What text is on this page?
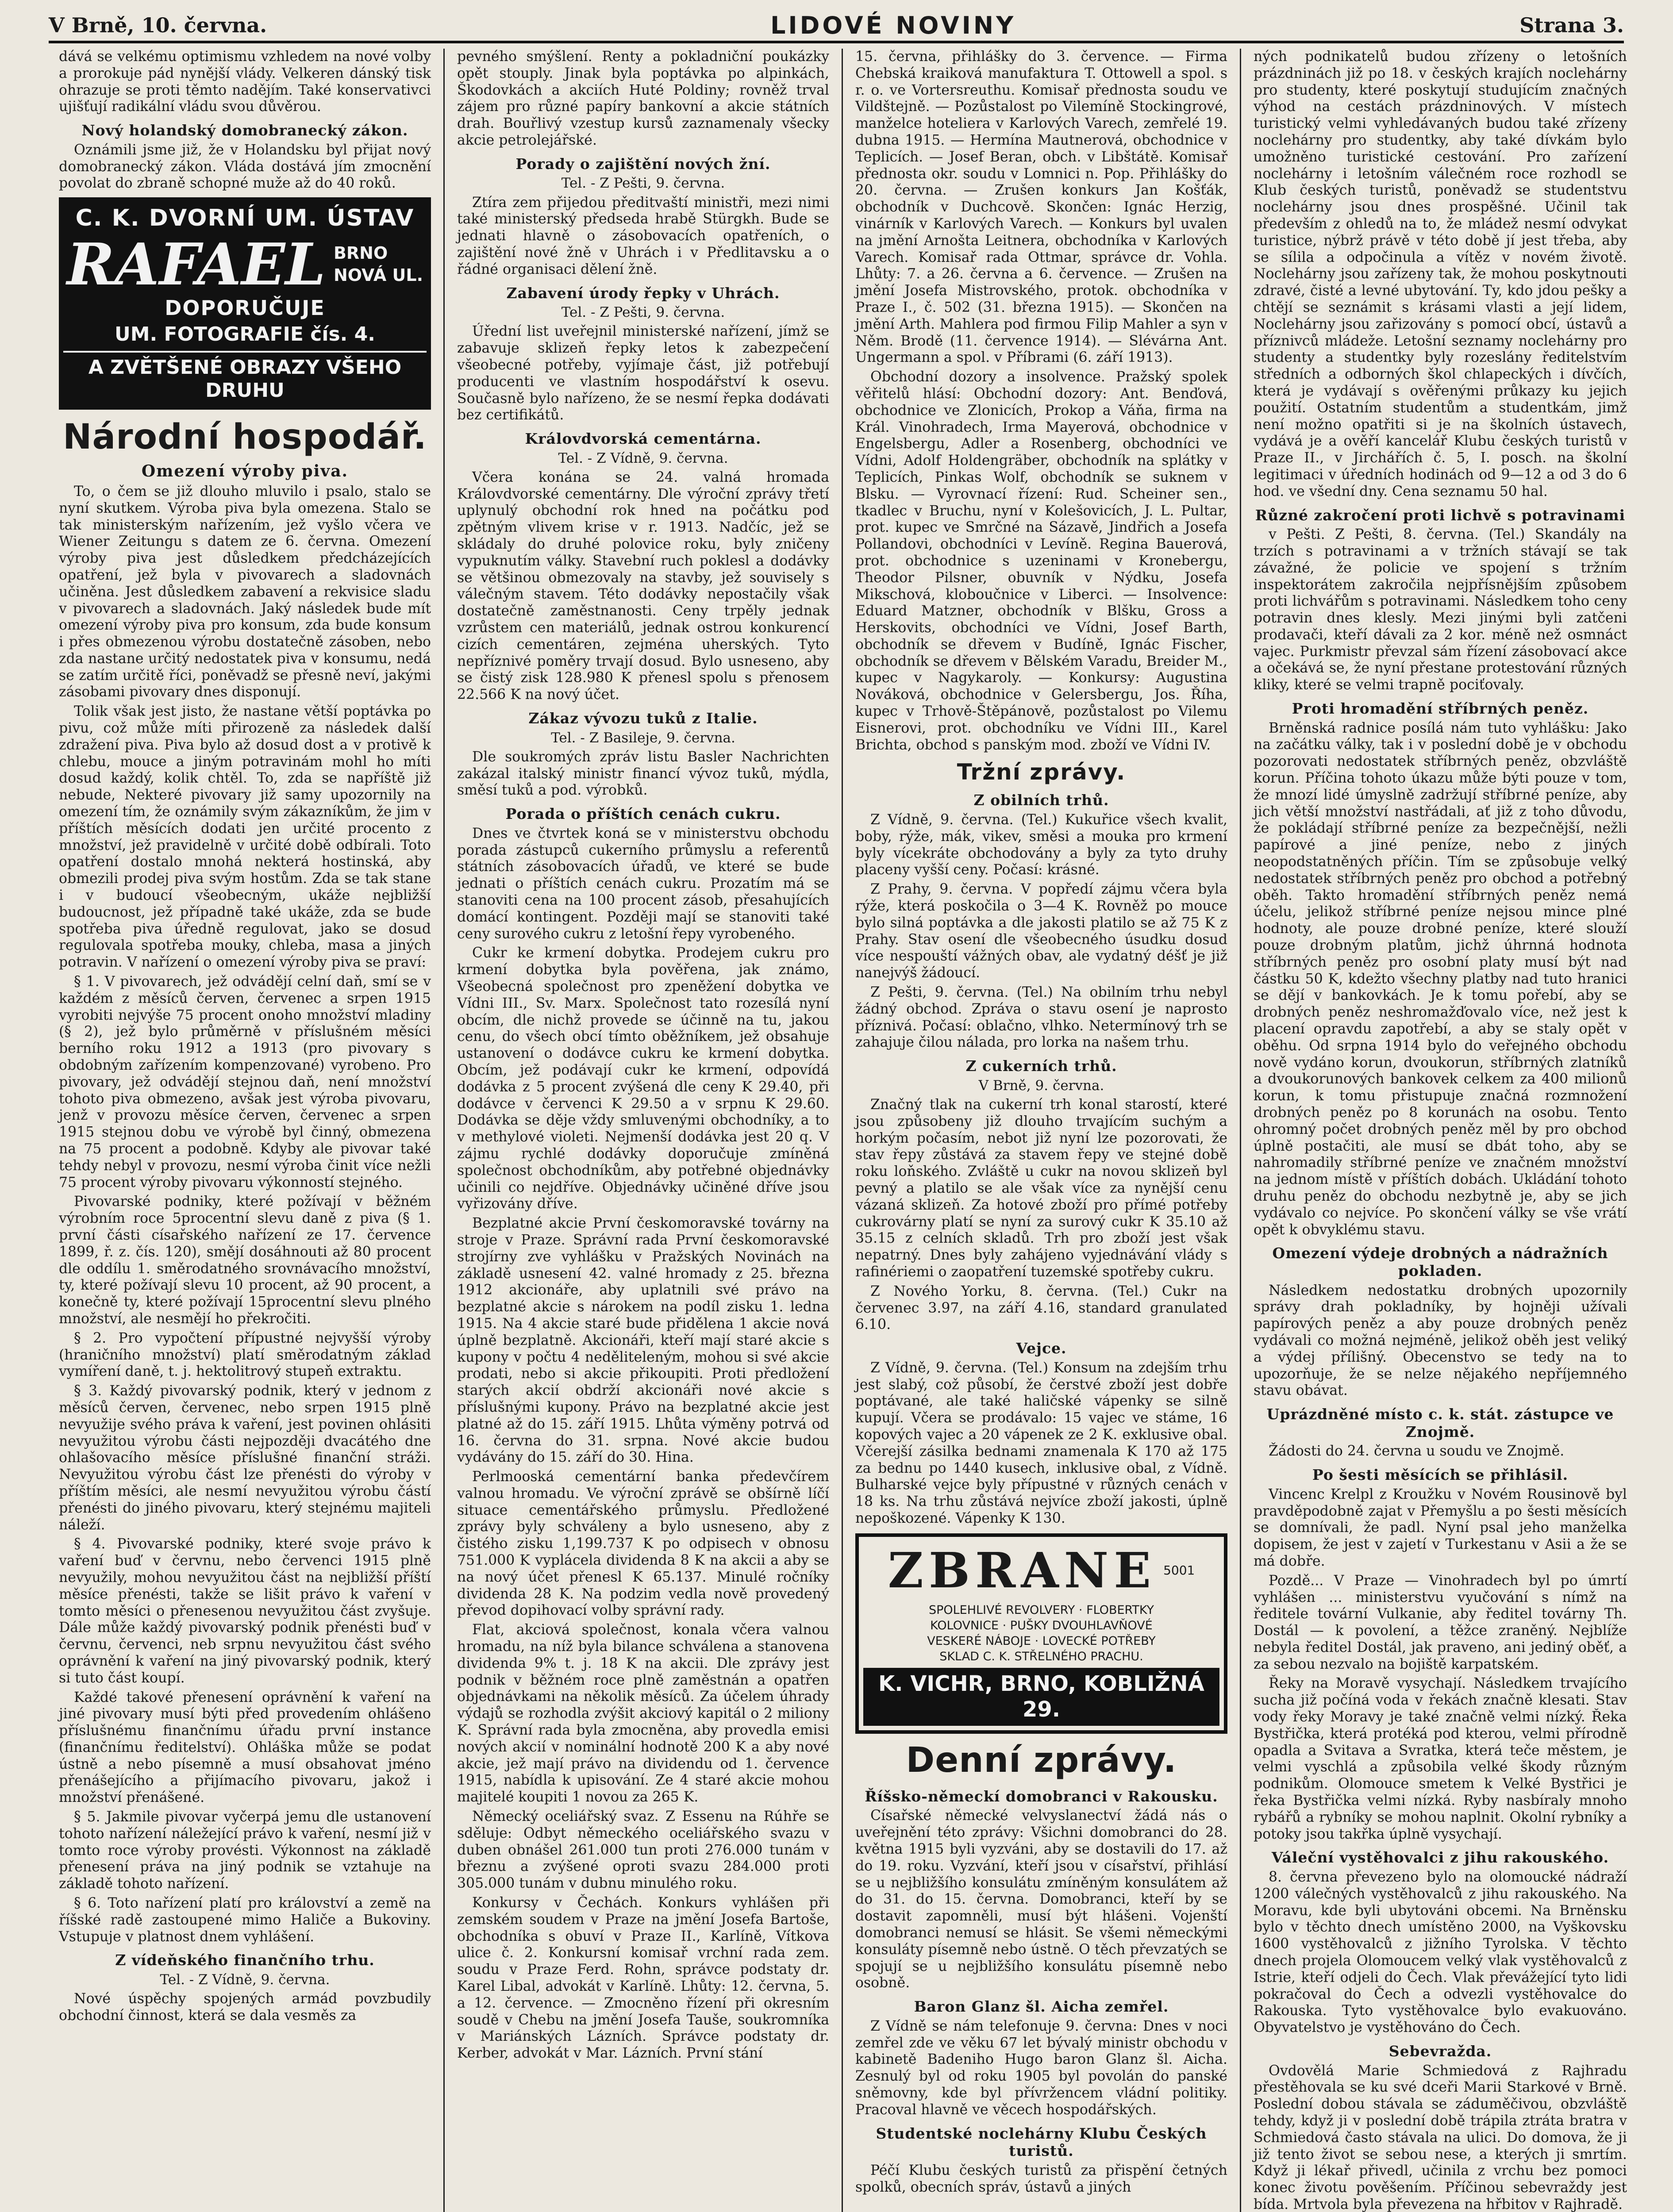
V Brně, 10. června.	LIDOVÉ NOVINY	Strana 3.

dává se velkému optimismu vzhledem na nové volby a prorokuje pád nynější vlády. Velkeren dánský tisk ohrazuje se proti těmto nadějím. Také konservativci ujišťují radikální vládu svou důvěrou.

Nový holandský domobranecký zákon.

Oznámili jsme již, že v Holandsku byl přijat nový domobranecký zákon. Vláda dostává jím zmocnění povolat do zbraně schopné muže až do 40 roků.

C. K. DVORNÍ UM. ÚSTAV
RAFAEL BRNO
NOVÁ UL.
DOPORUČUJE
UM. FOTOGRAFIE čís. 4.
A ZVĚTŠENÉ OBRAZY VŠEHO DRUHU
Národní hospodář.
Omezení výroby piva.

To, o čem se již dlouho mluvilo i psalo, stalo se nyní skutkem. Výroba piva byla omezena. Stalo se tak ministerským nařízením, jež vyšlo včera ve Wiener Zeitungu s datem ze 6. června. Omezení výroby piva jest důsledkem předcházejících opatření, jež byla v pivovarech a sladovnách učiněna. Jest důsledkem zabavení a rekvisice sladu v pivovarech a sladovnách. Jaký následek bude mít omezení výroby piva pro konsum, zda bude konsum i přes obmezenou výrobu dostatečně zásoben, nebo zda nastane určitý nedostatek piva v konsumu, nedá se zatím určitě říci, poněvadž se přesně neví, jakými zásobami pivovary dnes disponují.

Tolik však jest jisto, že nastane větší poptávka po pivu, což může míti přirozeně za následek další zdražení piva. Piva bylo až dosud dost a v protivě k chlebu, mouce a jiným potravinám mohl ho míti dosud každý, kolik chtěl. To, zda se napříště již nebude, Nekteré pivovary již samy upozornily na omezení tím, že oznámily svým zákazníkům, že jim v příštích měsících dodati jen určité procento z množství, jež pravidelně v určité době odbírali. Toto opatření dostalo mnohá nekterá hostinská, aby obmezili prodej piva svým hostům. Zda se tak stane i v budoucí všeobecným, ukáže nejbližší budoucnost, jež případně také ukáže, zda se bude spotřeba piva úředně regulovat, jako se dosud regulovala spotřeba mouky, chleba, masa a jiných potravin. V nařízení o omezení výroby piva se praví:

§ 1. V pivovarech, jež odvádějí celní daň, smí se v každém z měsíců červen, červenec a srpen 1915 vyrobiti nejvýše 75 procent onoho množství mladiny (§ 2), jež bylo průměrně v příslušném měsíci berního roku 1912 a 1913 (pro pivovary s obdobným zařízením kompenzované) vyrobeno. Pro pivovary, jež odvádějí stejnou daň, není množství tohoto piva obmezeno, avšak jest výroba pivovaru, jenž v provozu měsíce červen, červenec a srpen 1915 stejnou dobu ve výrobě byl činný, obmezena na 75 procent a podobně. Kdyby ale pivovar také tehdy nebyl v provozu, nesmí výroba činit více nežli 75 procent výroby pivovaru výkonností stejného.

Pivovarské podniky, které požívají v běžném výrobním roce 5procentní slevu daně z piva (§ 1. první části císařského nařízení ze 17. července 1899, ř. z. čís. 120), smějí dosáhnouti až 80 procent dle oddílu 1. směrodatného srovnávacího množství, ty, které požívají slevu 10 procent, až 90 procent, a konečně ty, které požívají 15procentní slevu plného množství, ale nesmějí ho překročiti.

§ 2. Pro vypočtení přípustné nejvyšší výroby (hraničního množství) platí směrodatným základ vymíření daně, t. j. hektolitrový stupeň extraktu.

§ 3. Každý pivovarský podnik, který v jednom z měsíců červen, červenec, nebo srpen 1915 plně nevyužije svého práva k vaření, jest povinen ohlásiti nevyužitou výrobu části nejpozději dvacátého dne ohlašovacího měsíce příslušné finanční stráži. Nevyužitou výrobu část lze přenésti do výroby v příštím měsíci, ale nesmí nevyužitou výrobu částí přenésti do jiného pivovaru, který stejnému majiteli náleží.

§ 4. Pivovarské podniky, které svoje právo k vaření buď v červnu, nebo červenci 1915 plně nevyužily, mohou nevyužitou část na nejbližší příští měsíce přenésti, takže se lišit právo k vaření v tomto měsíci o přenesenou nevyužitou část zvyšuje. Dále může každý pivovarský podnik přenésti buď v červnu, červenci, neb srpnu nevyužitou část svého oprávnění k vaření na jiný pivovarský podnik, který si tuto část koupí.

Každé takové přenesení oprávnění k vaření na jiné pivovary musí býti před provedením ohlášeno příslušnému finančnímu úřadu první instance (finančnímu ředitelství). Ohláška může se podat ústně a nebo písemně a musí obsahovat jméno přenášejícího a přijímacího pivovaru, jakož i množství přenášené.

§ 5. Jakmile pivovar vyčerpá jemu dle ustanovení tohoto nařízení náležející právo k vaření, nesmí již v tomto roce výroby provésti. Výkonnost na základě přenesení práva na jiný podnik se vztahuje na základě tohoto nařízení.

§ 6. Toto nařízení platí pro království a země na říšské radě zastoupené mimo Haliče a Bukoviny. Vstupuje v platnost dnem vyhlášení.

Z vídeňského finančního trhu.
Tel. - Z Vídně, 9. června.

Nové úspěchy spojených armád povzbudily obchodní činnost, která se dala vesměs za

pevného smýšlení. Renty a pokladniční poukázky opět stouply. Jinak byla poptávka po alpinkách, Škodovkách a akciích Huté Poldiny; rovněž trval zájem pro různé papíry bankovní a akcie státních drah. Bouřlivý vzestup kursů zaznamenaly všecky akcie petrolejářské.

Porady o zajištění nových žní.
Tel. - Z Pešti, 9. června.

Ztíra zem přijedou předitvaští ministři, mezi nimi také ministerský předseda hrabě Stürgkh. Bude se jednati hlavně o zásobovacích opatřeních, o zajištění nové žně v Uhrách i v Předlitavsku a o řádné organisaci dělení žně.

Zabavení úrody řepky v Uhrách.
Tel. - Z Pešti, 9. června.

Úřední list uveřejnil ministerské nařízení, jímž se zabavuje sklizeň řepky letos k zabezpečení všeobecné potřeby, vyjímaje část, již potřebují producenti ve vlastním hospodářství k osevu. Současně bylo nařízeno, že se nesmí řepka dodávati bez certifikátů.

Královdvorská cementárna.
Tel. - Z Vídně, 9. června.

Včera konána se 24. valná hromada Královdvorské cementárny. Dle výroční zprávy třetí uplynulý obchodní rok hned na počátku pod zpětným vlivem krise v r. 1913. Nadčíc, jež se skládaly do druhé polovice roku, byly zničeny vypuknutím války. Stavební ruch poklesl a dodávky se většinou obmezovaly na stavby, jež souvisely s válečným stavem. Této dodávky nepostačily však dostatečně zaměstnanosti. Ceny trpěly jednak vzrůstem cen materiálů, jednak ostrou konkurencí cizích cementáren, zejména uherských. Tyto nepříznivé poměry trvají dosud. Bylo usneseno, aby se čistý zisk 128.980 K přenesl spolu s přenosem 22.566 K na nový účet.

Zákaz vývozu tuků z Italie.
Tel. - Z Basileje, 9. června.

Dle soukromých zpráv listu Basler Nachrichten zakázal italský ministr financí vývoz tuků, mýdla, směsí tuků a pod. výrobků.

Porada o příštích cenách cukru.

Dnes ve čtvrtek koná se v ministerstvu obchodu porada zástupců cukerního průmyslu a referentů státních zásobovacích úřadů, ve které se bude jednati o příštích cenách cukru. Prozatím má se stanoviti cena na 100 procent zásob, přesahujících domácí kontingent. Později mají se stanoviti také ceny surového cukru z letošní řepy vyrobeného.

Cukr ke krmení dobytka. Prodejem cukru pro krmení dobytka byla pověřena, jak známo, Všeobecná společnost pro zpeněžení dobytka ve Vídni III., Sv. Marx. Společnost tato rozesílá nyní obcím, dle nichž provede se účinně na tu, jakou cenu, do všech obcí tímto oběžníkem, jež obsahuje ustanovení o dodávce cukru ke krmení dobytka. Obcím, jež podávají cukr ke krmení, odpovídá dodávka z 5 procent zvýšená dle ceny K 29.40, při dodávce v červenci K 29.50 a v srpnu K 29.60. Dodávka se děje vždy smluvenými obchodníky, a to v methylové violeti. Nejmenší dodávka jest 20 q. V zájmu rychlé dodávky doporučuje zmíněná společnost obchodníkům, aby potřebné objednávky učinili co nejdříve. Objednávky učiněné dříve jsou vyřizovány dříve.

Bezplatné akcie První českomoravské továrny na stroje v Praze. Správní rada První českomoravské strojírny zve vyhlášku v Pražských Novinách na základě usnesení 42. valné hromady z 25. března 1912 akcionáře, aby uplatnili své právo na bezplatné akcie s nárokem na podíl zisku 1. ledna 1915. Na 4 akcie staré bude přidělena 1 akcie nová úplně bezplatně. Akcionáři, kteří mají staré akcie s kupony v počtu 4 neděliteleným, mohou si své akcie prodati, nebo si akcie přikoupiti. Proti předložení starých akcií obdrží akcionáři nové akcie s příslušnými kupony. Právo na bezplatné akcie jest platné až do 15. září 1915. Lhůta výměny potrvá od 16. června do 31. srpna. Nové akcie budou vydávány do 15. září do 30. Hina.

Perlmooská cementární banka předevčírem valnou hromadu. Ve výroční zprávě se obšírně líčí situace cementářského průmyslu. Předložené zprávy byly schváleny a bylo usneseno, aby z čistého zisku 1,199.737 K po odpisech v obnosu 751.000 K vyplácela dividenda 8 K na akcii a aby se na nový účet přenesl K 65.137. Minulé ročníky dividenda 28 K. Na podzim vedla nově provedený převod dopihovací volby správní rady.

Flat, akciová společnost, konala včera valnou hromadu, na níž byla bilance schválena a stanovena dividenda 9% t. j. 18 K na akcii. Dle zprávy jest podnik v běžném roce plně zaměstnán a opatřen objednávkami na několik měsíců. Za účelem úhrady výdajů se rozhodla zvýšit akciový kapitál o 2 miliony K. Správní rada byla zmocněna, aby provedla emisi nových akcií v nominální hodnotě 200 K a aby nové akcie, jež mají právo na dividendu od 1. července 1915, nabídla k upisování. Ze 4 staré akcie mohou majitelé koupiti 1 novou za 265 K.

Německý oceliářský svaz. Z Essenu na Rúhře se sděluje: Odbyt německého oceliářského svazu v duben obnášel 261.000 tun proti 276.000 tunám v březnu a zvýšené oproti svazu 284.000 proti 305.000 tunám v dubnu minulého roku.

Konkursy v Čechách. Konkurs vyhlášen při zemském soudem v Praze na jmění Josefa Bartoše, obchodníka s obuví v Praze II., Karlíně, Vítkova ulice č. 2. Konkursní komisař vrchní rada zem. soudu v Praze Ferd. Rohn, správce podstaty dr. Karel Libal, advokát v Karlíně. Lhůty: 12. června, 5. a 12. července. — Zmocněno řízení při okresním soudě v Chebu na jmění Josefa Tauše, soukromníka v Mariánských Lázních. Správce podstaty dr. Kerber, advokát v Mar. Lázních. První stání

15. června, přihlášky do 3. července. — Firma Chebská kraiková manufaktura T. Ottowell a spol. s r. o. ve Vortersreuthu. Komisař přednosta soudu ve Vildštejně. — Pozůstalost po Vilemíně Stockingrové, manželce hoteliera v Karlových Varech, zemřelé 19. dubna 1915. — Hermína Mautnerová, obchodnice v Teplicích. — Josef Beran, obch. v Libštátě. Komisař přednosta okr. soudu v Lomnici n. Pop. Přihlášky do 20. června. — Zrušen konkurs Jan Košťák, obchodník v Duchcově. Skončen: Ignác Herzig, vinárník v Karlových Varech. — Konkurs byl uvalen na jmění Arnošta Leitnera, obchodníka v Karlových Varech. Komisař rada Ottmar, správce dr. Vohla. Lhůty: 7. a 26. června a 6. července. — Zrušen na jmění Josefa Mistrovského, protok. obchodníka v Praze I., č. 502 (31. března 1915). — Skončen na jmění Arth. Mahlera pod firmou Filip Mahler a syn v Něm. Brodě (11. července 1914). — Slévárna Ant. Ungermann a spol. v Příbrami (6. září 1913).

Obchodní dozory a insolvence. Pražský spolek věřitelů hlásí: Obchodní dozory: Ant. Benďová, obchodnice ve Zlonicích, Prokop a Váňa, firma na Král. Vinohradech, Irma Mayerová, obchodnice v Engelsbergu, Adler a Rosenberg, obchodníci ve Vídni, Adolf Holdengräber, obchodník na splátky v Teplicích, Pinkas Wolf, obchodník se suknem v Blsku. — Vyrovnací řízení: Rud. Scheiner sen., tkadlec v Bruchu, nyní v Kolešovicích, J. L. Pultar, prot. kupec ve Smrčné na Sázavě, Jindřich a Josefa Pollandovi, obchodníci v Levíně. Regina Bauerová, prot. obchodnice s uzeninami v Kronebergu, Theodor Pilsner, obuvník v Nýdku, Josefa Mikschová, kloboučnice v Liberci. — Insolvence: Eduard Matzner, obchodník v Blšku, Gross a Herskovits, obchodníci ve Vídni, Josef Barth, obchodník se dřevem v Budíně, Ignác Fischer, obchodník se dřevem v Bělském Varadu, Breider M., kupec v Nagykaroly. — Konkursy: Augustina Nováková, obchodnice v Gelersbergu, Jos. Říha, kupec v Trhově-Štěpánově, pozůstalost po Vilemu Eisnerovi, prot. obchodníku ve Vídni III., Karel Brichta, obchod s panským mod. zboží ve Vídni IV.

Tržní zprávy.
Z obilních trhů.

Z Vídně, 9. června. (Tel.) Kukuřice všech kvalit, boby, rýže, mák, vikev, směsi a mouka pro krmení byly vícekráte obchodovány a byly za tyto druhy placeny vyšší ceny. Počasí: krásné.

Z Prahy, 9. června. V popředí zájmu včera byla rýže, která poskočila o 3—4 K. Rovněž po mouce bylo silná poptávka a dle jakosti platilo se až 75 K z Prahy. Stav osení dle všeobecného úsudku dosud více nespouští vážných obav, ale vydatný déšť je již nanejvýš žádoucí.

Z Pešti, 9. června. (Tel.) Na obilním trhu nebyl žádný obchod. Zpráva o stavu osení je naprosto příznivá. Počasí: oblačno, vlhko. Netermínový trh se zahajuje čilou nálada, pro lorka na našem trhu.

Z cukerních trhů.
V Brně, 9. června.

Značný tlak na cukerní trh konal starostí, které jsou způsobeny již dlouho trvajícím suchým a horkým počasím, nebot již nyní lze pozorovati, že stav řepy zůstává za stavem řepy ve stejné době roku loňského. Zvláště u cukr na novou sklizeň byl pevný a platilo se ale však více za nynější cenu vázaná sklizeň. Za hotové zboží pro přímé potřeby cukrovárny platí se nyní za surový cukr K 35.10 až 35.15 z celních skladů. Trh pro zboží jest však nepatrný. Dnes byly zahájeno vyjednávání vlády s rafinériemi o zaopatření tuzemské spotřeby cukru.

Z Nového Yorku, 8. června. (Tel.) Cukr na červenec 3.97, na září 4.16, standard granulated 6.10.

Vejce.

Z Vídně, 9. června. (Tel.) Konsum na zdejším trhu jest slabý, což působí, že čerstvé zboží jest dobře poptávané, ale také haličské vápenky se silně kupují. Včera se prodávalo: 15 vajec ve stáme, 16 kopových vajec a 20 vápenek ze 2 K. exklusive obal. Včerejší zásilka bednami znamenala K 170 až 175 za bednu po 1440 kusech, inklusive obal, z Vídně. Bulharské vejce byly přípustné v různých cenách v 18 ks. Na trhu zůstává nejvíce zboží jakosti, úplně nepoškozené. Vápenky K 130.

ZBRANE 5001
SPOLEHLIVÉ REVOLVERY · FLOBERTKY
KOLOVNICE · PUŠKY DVOUHLAVŇOVÉ
VESKERÉ NÁBOJE · LOVECKÉ POTŘEBY
SKLAD C. K. STŘELNÉHO PRACHU.
K. VICHR, BRNO, KOBLIŽNÁ 29.
Denní zprávy.
Říšsko-německí domobranci v Rakousku.

Císařské německé velvyslanectví žádá nás o uveřejnění této zprávy: Všichni domobranci do 28. května 1915 byli vyzváni, aby se dostavili do 17. až do 19. roku. Vyzvání, kteří jsou v císařství, přihlásí se u nejbližšího konsulátu zmíněným konsulátem až do 31. do 15. června. Domobranci, kteří by se dostavit zapomněli, musí být hlášeni. Vojenští domobranci nemusí se hlásit. Se všemi německými konsuláty písemně nebo ústně. O těch převzatých se spojují se u nejbližšího konsulátu písemně nebo osobně.

Baron Glanz šl. Aicha zemřel.

Z Vídně se nám telefonuje 9. června: Dnes v noci zemřel zde ve věku 67 let bývalý ministr obchodu v kabinetě Badeniho Hugo baron Glanz šl. Aicha. Zesnulý byl od roku 1905 byl povolán do panské sněmovny, kde byl přívržencem vládní politiky. Pracoval hlavně ve věcech hospodářských.

Studentské noclehárny Klubu Českých turistů.

Péčí Klubu českých turistů za přispění četných spolků, obecních správ, ústavů a jiných

ných podnikatelů budou zřízeny o letošních prázdninách již po 18. v českých krajích noclehárny pro studenty, které poskytují studujícím značných výhod na cestách prázdninových. V místech turistický velmi vyhledávaných budou také zřízeny noclehárny pro studentky, aby také dívkám bylo umožněno turistické cestování. Pro zařízení noclehárny i letošním válečném roce rozhodl se Klub českých turistů, poněvadž se studentstvu noclehárny jsou dnes prospěšné. Učinil tak především z ohledů na to, že mládež nesmí odvykat turistice, nýbrž právě v této době jí jest třeba, aby se sílila a odpočinula a vítěz v novém životě. Noclehárny jsou zařízeny tak, že mohou poskytnouti zdravé, čisté a levné ubytování. Ty, kdo jdou pešky a chtějí se seznámit s krásami vlasti a její lidem, Noclehárny jsou zařizovány s pomocí obcí, ústavů a příznivců mládeže. Letošní seznamy noclehárny pro studenty a studentky byly rozeslány ředitelstvím středních a odborných škol chlapeckých i dívčích, která je vydávají s ověřenými průkazy ku jejich použití. Ostatním studentům a studentkám, jimž není možno opatřiti si je na školních ústavech, vydává je a ověří kancelář Klubu českých turistů v Praze II., v Jirchářích č. 5, I. posch. na školní legitimaci v úředních hodinách od 9—12 a od 3 do 6 hod. ve všední dny. Cena seznamu 50 hal.

Různé zakročení proti lichvě s potravinami

v Pešti. Z Pešti, 8. června. (Tel.) Skandály na trzích s potravinami a v tržních stávají se tak závažné, že policie ve spojení s tržním inspektorátem zakročila nejpřísnějším způsobem proti lichvářům s potravinami. Následkem toho ceny potravin dnes klesly. Mezi jinými byli zatčeni prodavači, kteří dávali za 2 kor. méně než osmnáct vajec. Purkmistr převzal sám řízení zásobovací akce a očekává se, že nyní přestane protestování různých kliky, které se velmi trapně pociťovaly.

Proti hromadění stříbrných peněz.

Brněnská radnice posílá nám tuto vyhlášku: Jako na začátku války, tak i v poslední době je v obchodu pozorovati nedostatek stříbrných peněz, obzvláště korun. Příčina tohoto úkazu může býti pouze v tom, že mnozí lidé úmyslně zadržují stříbrné peníze, aby jich větší množství nastřádali, ať již z toho důvodu, že pokládají stříbrné peníze za bezpečnější, nežli papírové a jiné peníze, nebo z jiných neopodstatněných příčin. Tím se způsobuje velký nedostatek stříbrných peněz pro obchod a potřebný oběh. Takto hromadění stříbrných peněz nemá účelu, jelikož stříbrné peníze nejsou mince plné hodnoty, ale pouze drobné peníze, které slouží pouze drobným platům, jichž úhrnná hodnota stříbrných peněz pro osobní platy musí být nad částku 50 K, kdežto všechny platby nad tuto hranici se dějí v bankovkách. Je k tomu pořebí, aby se drobných peněz neshromažďovalo více, než jest k placení opravdu zapotřebí, a aby se staly opět v oběhu. Od srpna 1914 bylo do veřejného obchodu nově vydáno korun, dvoukorun, stříbrných zlatníků a dvoukorunových bankovek celkem za 400 milionů korun, k tomu přistupuje značná rozmnožení drobných peněz po 8 korunách na osobu. Tento ohromný počet drobných peněz měl by pro obchod úplně postačiti, ale musí se dbát toho, aby se nahromadily stříbrné peníze ve značném množství na jednom místě v příštích dobách. Ukládání tohoto druhu peněz do obchodu nezbytně je, aby se jich vydávalo co nejvíce. Po skončení války se vše vrátí opět k obvyklému stavu.

Omezení výdeje drobných a nádražních pokladen.

Následkem nedostatku drobných upozornily správy drah pokladníky, by hojněji užívali papírových peněz a aby pouze drobných peněz vydávali co možná nejméně, jelikož oběh jest veliký a výdej přílišný. Obecenstvo se tedy na to upozorňuje, že se nelze nějakého nepříjemného stavu obávat.

Uprázdněné místo c. k. stát. zástupce ve Znojmě.

Žádosti do 24. června u soudu ve Znojmě.

Po šesti měsících se přihlásil.

Vincenc Krelpl z Kroužku v Novém Rousinově byl pravděpodobně zajat v Přemyšlu a po šesti měsících se domnívali, že padl. Nyní psal jeho manželka dopisem, že jest v zajetí v Turkestanu v Asii a že se má dobře.

Pozdě... V Praze — Vinohradech byl po úmrtí vyhlášen ... ministerstvu vyučování s nímž na ředitele tovární Vulkanie, aby ředitel továrny Th. Dostál — k povolení, a těžce zraněný. Nejblíže nebyla ředitel Dostál, jak praveno, ani jediný oběť, a za sebou nezvalo na bojiště karpatském.

Řeky na Moravě vysychají. Následkem trvajícího sucha již počíná voda v řekách značně klesati. Stav vody řeky Moravy je také značně velmi nízký. Řeka Bystřička, která protéká pod kterou, velmi přírodně opadla a Svitava a Svratka, která teče městem, je velmi vyschlá a způsobila velké škody různým podnikům. Olomouce smetem k Velké Bystřici je řeka Bystřička velmi nízká. Ryby nasbíraly mnoho rybářů a rybníky se mohou naplnit. Okolní rybníky a potoky jsou takřka úplně vysychají.

Váleční vystěhovalci z jihu rakouského.

8. června převezeno bylo na olomoucké nádraží 1200 válečných vystěhovalců z jihu rakouského. Na Moravu, kde byli ubytováni obcemi. Na Brněnsku bylo v těchto dnech umístěno 2000, na Vyškovsku 1600 vystěhovalců z jižního Tyrolska. V těchto dnech projela Olomoucem velký vlak vystěhovalců z Istrie, kteří odjeli do Čech. Vlak převážející tyto lidi pokračoval do Čech a odvezli vystěhovalce do Rakouska. Tyto vystěhovalce bylo evakuováno. Obyvatelstvo je vystěhováno do Čech.

Sebevražda.

Ovdovělá Marie Schmiedová z Rajhradu přestěhovala se ku své dceři Marii Starkové v Brně. Poslední dobou stávala se záduměčivou, obzvláště tehdy, když ji v poslední době trápila ztráta bratra v Schmiedová často stávala na ulici. Do domova, že ji již tento život se sebou nese, a kterých ji smrtím. Když ji lékař přivedl, učinila z vrchu bez pomoci konec životu pověšením. Příčinou sebevraždy jest bída. Mrtvola byla převezena na hřbitov v Rajhradě.
